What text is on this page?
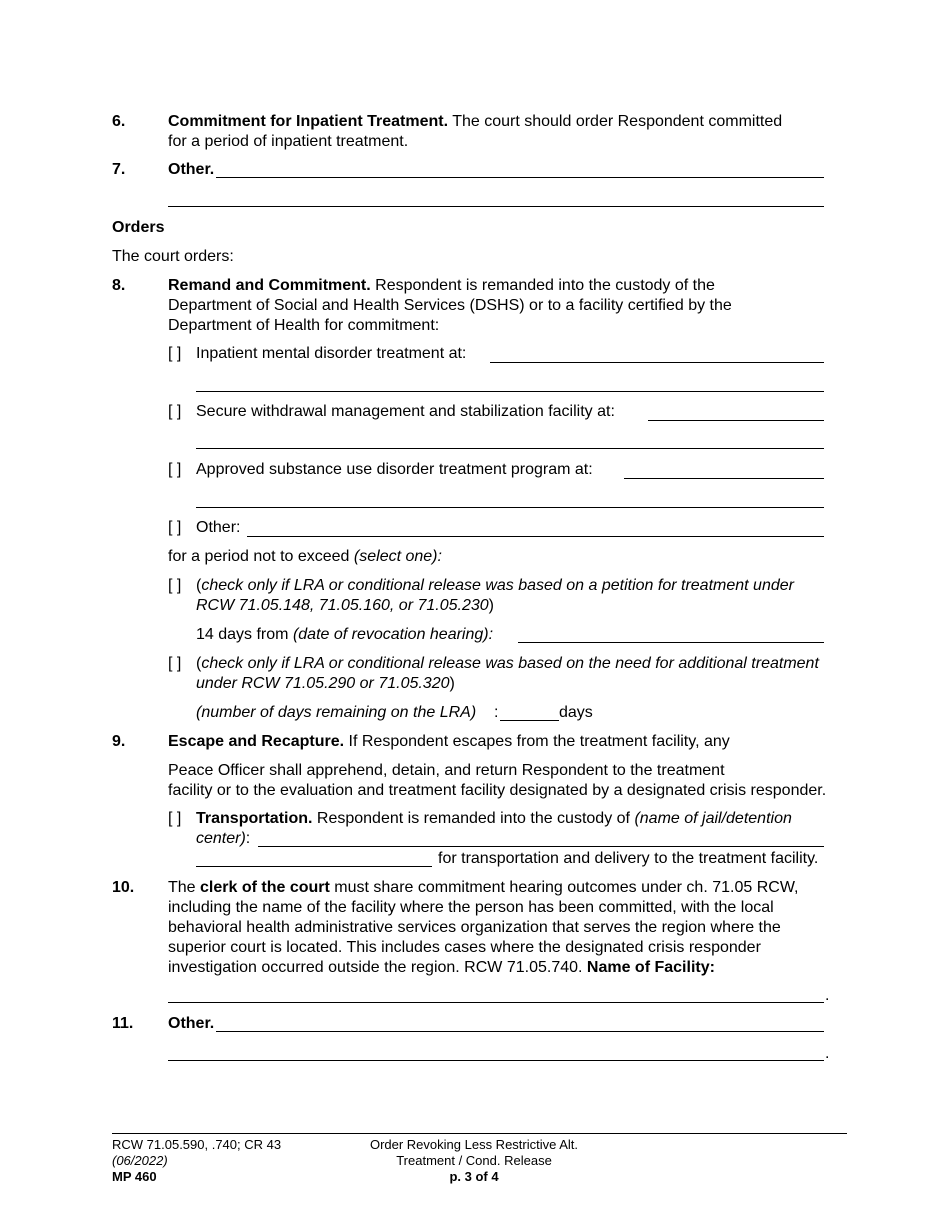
6.	Commitment for Inpatient Treatment. The court should order Respondent committed
for a period of inpatient treatment.
7.	Other.
Orders
The court orders:
8.	Remand and Commitment. Respondent is remanded into the custody of the
Department of Social and Health Services (DSHS) or to a facility certified by the
Department of Health for commitment:
[ ] Inpatient mental disorder treatment at:
[ ] Secure withdrawal management and stabilization facility at:
[ ] Approved substance use disorder treatment program at:
[ ] Other:
for a period not to exceed (select one):
[ ] (check only if LRA or conditional release was based on a petition for treatment under
RCW 71.05.148, 71.05.160, or 71.05.230)
14 days from (date of revocation hearing):
[ ] (check only if LRA or conditional release was based on the need for additional treatment
under RCW 71.05.290 or 71.05.320)
(number of days remaining on the LRA) :	days
9.	Escape and Recapture. If Respondent escapes from the treatment facility, any
Peace Officer shall apprehend, detain, and return Respondent to the treatment
facility or to the evaluation and treatment facility designated by a designated crisis responder.
[ ] Transportation. Respondent is remanded into the custody of (name of jail/detention
center):
for transportation and delivery to the treatment facility.
10. The clerk of the court must share commitment hearing outcomes under ch. 71.05 RCW,
including the name of the facility where the person has been committed, with the local
behavioral health administrative services organization that serves the region where the
superior court is located. This includes cases where the designated crisis responder
investigation occurred outside the region. RCW 71.05.740. Name of Facility:
.
11. Other.
.
RCW 71.05.590, .740; CR 43
(06/2022)
MP 460
Order Revoking Less Restrictive Alt.
Treatment / Cond. Release
p. 3 of 4
